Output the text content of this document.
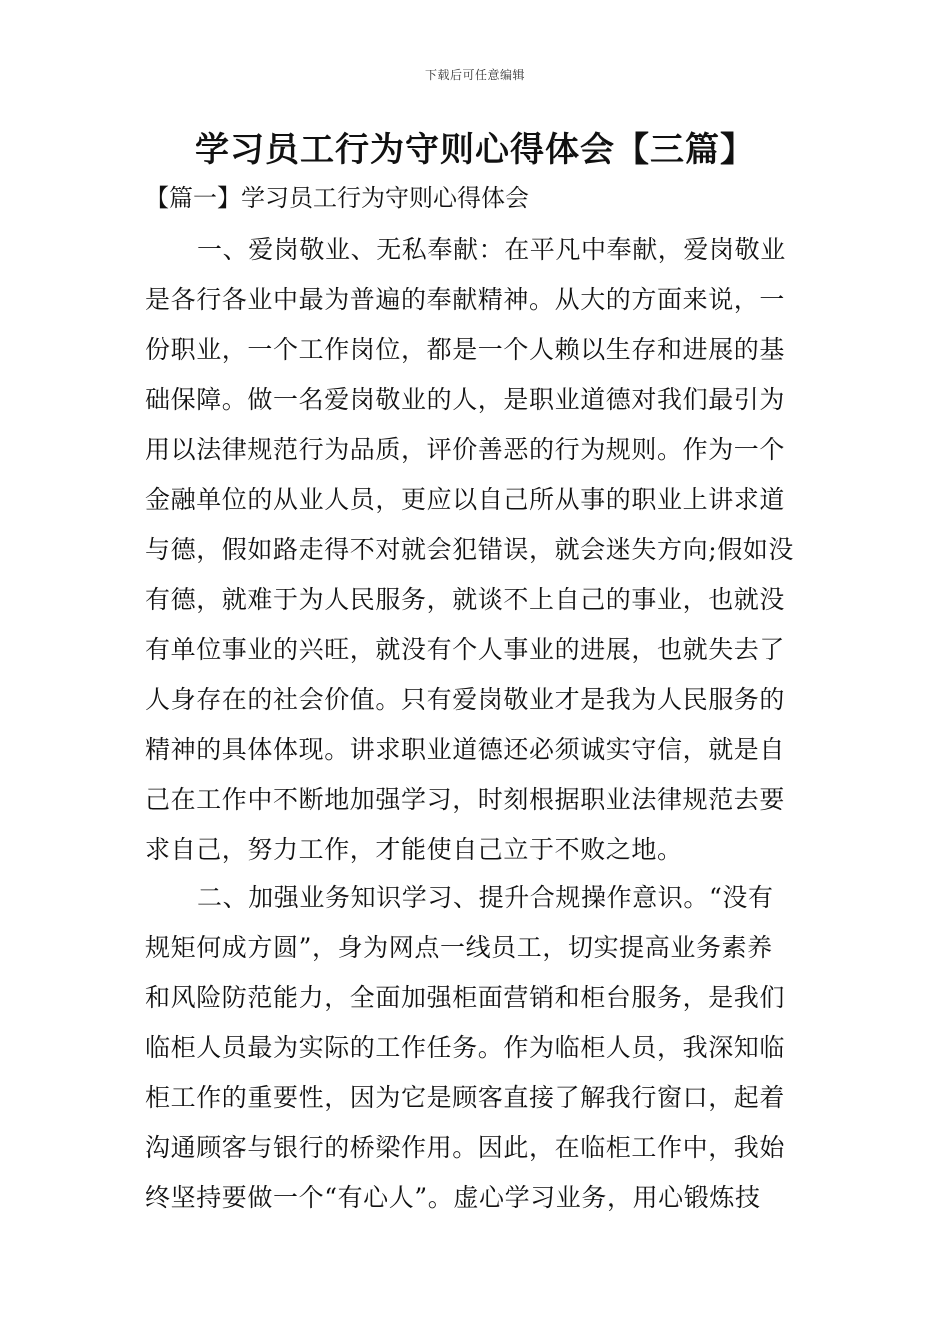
下载后可任意编辑
学习员工行为守则心得体会【三篇】
【篇一】学习员工行为守则心得体会
一、爱岗敬业、无私奉献：在平凡中奉献，爱岗敬业
是各行各业中最为普遍的奉献精神。从大的方面来说，一
份职业，一个工作岗位，都是一个人赖以生存和进展的基
础保障。做一名爱岗敬业的人，是职业道德对我们最引为
用以法律规范行为品质，评价善恶的行为规则。作为一个
金融单位的从业人员，更应以自己所从事的职业上讲求道
与德，假如路走得不对就会犯错误，就会迷失方向;假如没
有德，就难于为人民服务，就谈不上自己的事业，也就没
有单位事业的兴旺，就没有个人事业的进展，也就失去了
人身存在的社会价值。只有爱岗敬业才是我为人民服务的
精神的具体体现。讲求职业道德还必须诚实守信，就是自
己在工作中不断地加强学习，时刻根据职业法律规范去要
求自己，努力工作，才能使自己立于不败之地。
二、加强业务知识学习、提升合规操作意识。“没有
规矩何成方圆”，身为网点一线员工，切实提高业务素养
和风险防范能力，全面加强柜面营销和柜台服务，是我们
临柜人员最为实际的工作任务。作为临柜人员，我深知临
柜工作的重要性，因为它是顾客直接了解我行窗口，起着
沟通顾客与银行的桥梁作用。因此，在临柜工作中，我始
终坚持要做一个“有心人”。虚心学习业务，用心锻炼技
